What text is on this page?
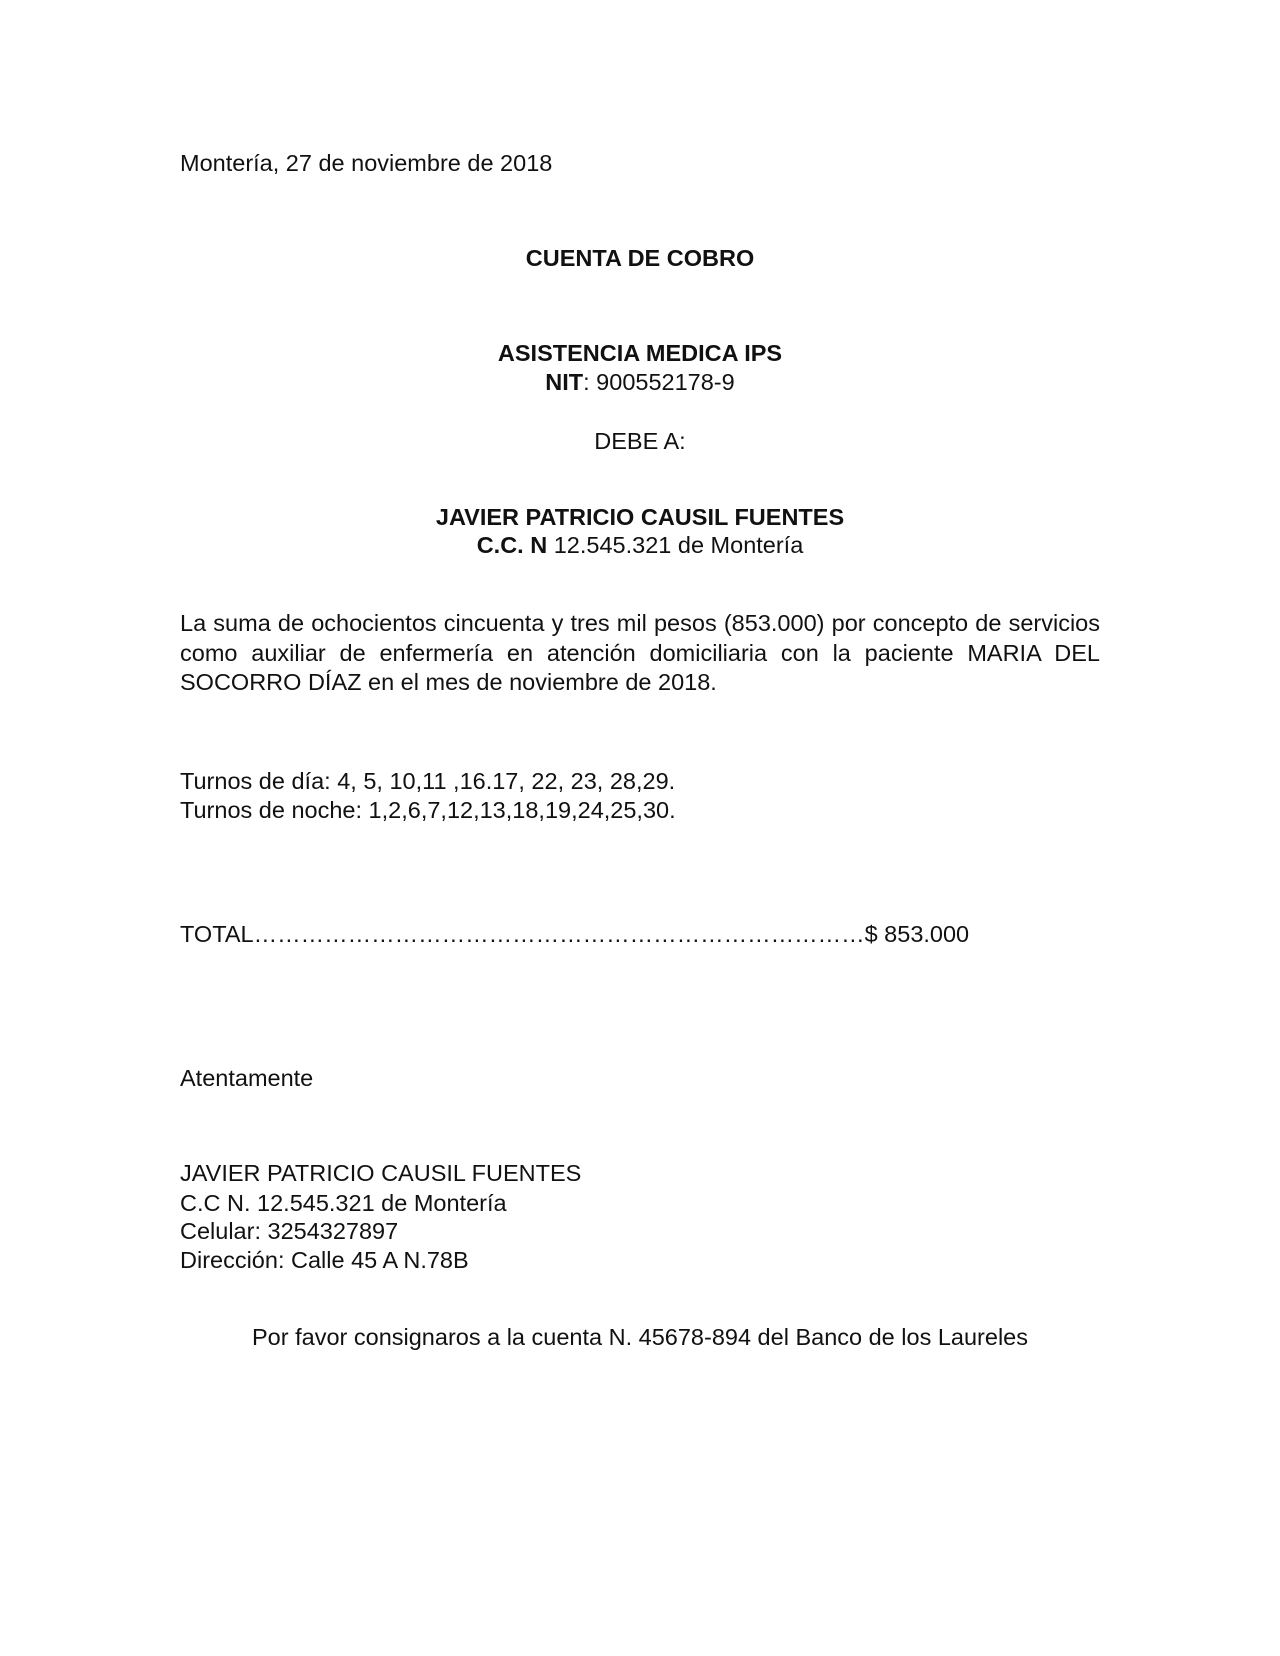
Montería, 27 de noviembre de 2018
CUENTA DE COBRO
ASISTENCIA MEDICA IPS
NIT: 900552178-9
DEBE A:
JAVIER PATRICIO CAUSIL FUENTES
C.C. N 12.545.321 de Montería
La suma de ochocientos cincuenta y tres mil pesos (853.000) por concepto de servicios como auxiliar de enfermería en atención domiciliaria con la paciente MARIA DEL SOCORRO DÍAZ en el mes de noviembre de 2018.
Turnos de día: 4, 5, 10,11 ,16.17, 22, 23, 28,29.
Turnos de noche: 1,2,6,7,12,13,18,19,24,25,30.
TOTAL……………………………………………………………………$ 853.000
Atentamente
JAVIER PATRICIO CAUSIL FUENTES
C.C N. 12.545.321 de Montería
Celular: 3254327897
Dirección: Calle 45 A N.78B
Por favor consignaros a la cuenta N. 45678-894 del Banco de los Laureles
